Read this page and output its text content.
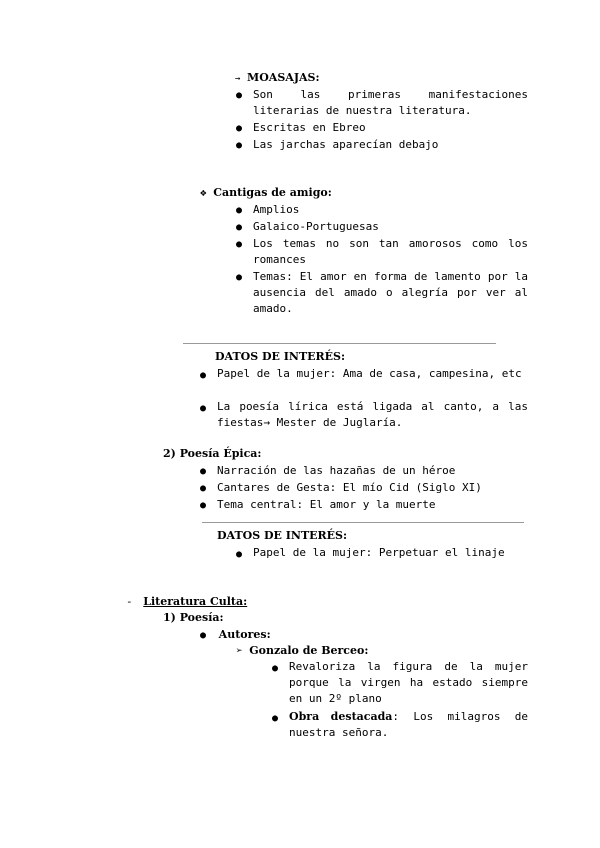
→ MOASAJAS:
● Son las primeras manifestaciones literarias de nuestra literatura.
● Escritas en Ebreo
● Las jarchas aparecían debajo
❖ Cantigas de amigo:
● Amplios
● Galaico-Portuguesas
● Los temas no son tan amorosos como los romances
● Temas: El amor en forma de lamento por la ausencia del amado o alegría por ver al amado.
DATOS DE INTERÉS:
● Papel de la mujer: Ama de casa, campesina, etc
● La poesía lírica está ligada al canto, a las fiestas→ Mester de Juglaría.
2) Poesía Épica:
● Narración de las hazañas de un héroe
● Cantares de Gesta: El mío Cid (Siglo XI)
● Tema central: El amor y la muerte
DATOS DE INTERÉS:
● Papel de la mujer: Perpetuar el linaje
- Literatura Culta:
1) Poesía:
● Autores:
➢ Gonzalo de Berceo:
● Revaloriza la figura de la mujer porque la virgen ha estado siempre en un 2º plano
● Obra destacada: Los milagros de nuestra señora.
